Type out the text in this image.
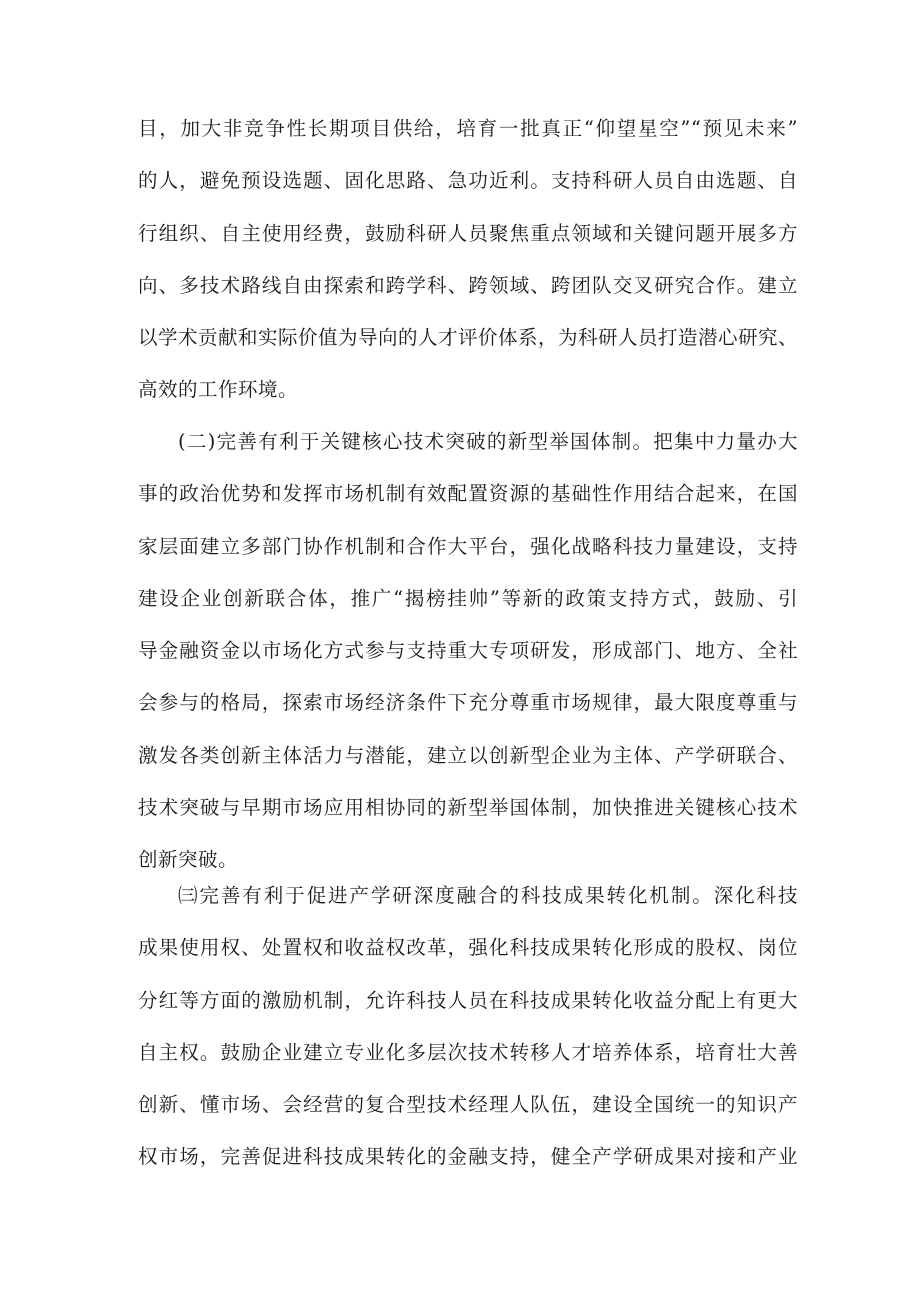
目，加大非竞争性长期项目供给，培育一批真正“仰望星空”“预见未来”
的人，避免预设选题、固化思路、急功近利。支持科研人员自由选题、自
行组织、自主使用经费，鼓励科研人员聚焦重点领域和关键问题开展多方
向、多技术路线自由探索和跨学科、跨领域、跨团队交叉研究合作。建立
以学术贡献和实际价值为导向的人才评价体系，为科研人员打造潜心研究、
高效的工作环境。
(二)完善有利于关键核心技术突破的新型举国体制。把集中力量办大
事的政治优势和发挥市场机制有效配置资源的基础性作用结合起来，在国
家层面建立多部门协作机制和合作大平台，强化战略科技力量建设，支持
建设企业创新联合体，推广“揭榜挂帅”等新的政策支持方式，鼓励、引
导金融资金以市场化方式参与支持重大专项研发，形成部门、地方、全社
会参与的格局，探索市场经济条件下充分尊重市场规律，最大限度尊重与
激发各类创新主体活力与潜能，建立以创新型企业为主体、产学研联合、
技术突破与早期市场应用相协同的新型举国体制，加快推进关键核心技术
创新突破。
㈢完善有利于促进产学研深度融合的科技成果转化机制。深化科技
成果使用权、处置权和收益权改革，强化科技成果转化形成的股权、岗位
分红等方面的激励机制，允许科技人员在科技成果转化收益分配上有更大
自主权。鼓励企业建立专业化多层次技术转移人才培养体系，培育壮大善
创新、懂市场、会经营的复合型技术经理人队伍，建设全国统一的知识产
权市场，完善促进科技成果转化的金融支持，健全产学研成果对接和产业
